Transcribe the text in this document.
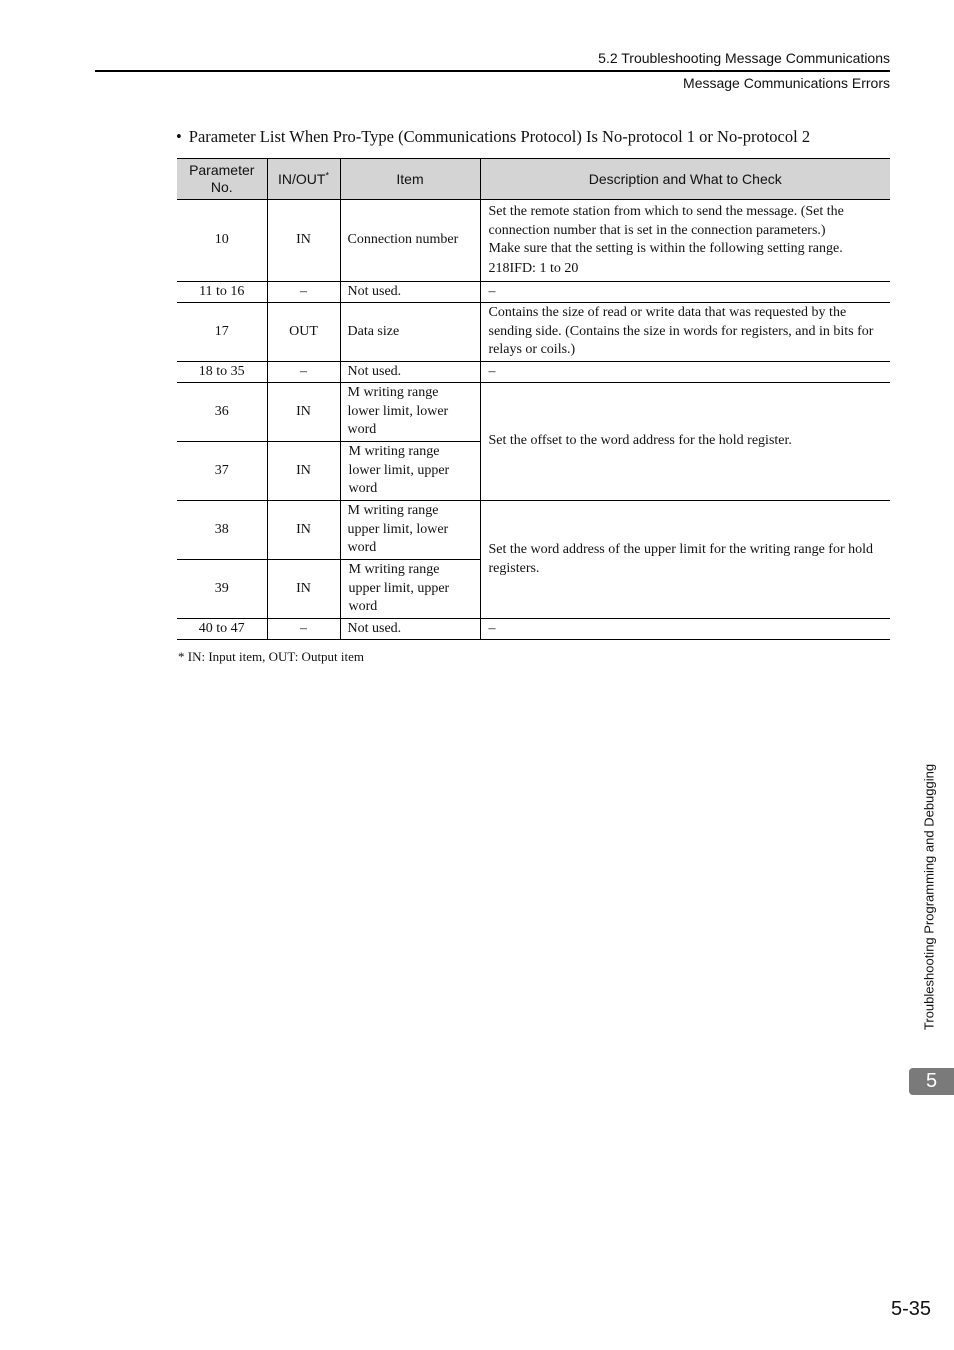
5.2 Troubleshooting Message Communications
Message Communications Errors
• Parameter List When Pro-Type (Communications Protocol) Is No-protocol 1 or No-protocol 2
Parameter No.	IN/OUT*	Item	Description and What to Check
10	IN	Connection number	Set the remote station from which to send the message. (Set the connection number that is set in the connection parameters.)
Make sure that the setting is within the following setting range.
218IFD: 1 to 20

11 to 16	–	Not used.	–
17	OUT	Data size	Contains the size of read or write data that was requested by the sending side. (Contains the size in words for registers, and in bits for relays or coils.)
18 to 35	–	Not used.	–
36	IN	M writing range lower limit, lower word	Set the offset to the word address for the hold register.
37	IN	M writing range lower limit, upper word	
38	IN	M writing range upper limit, lower word	Set the word address of the upper limit for the writing range for hold registers.
39	IN	M writing range upper limit, upper word	
40 to 47	–	Not used.	–
* IN: Input item, OUT: Output item
Troubleshooting Programming and Debugging
5
5-35
